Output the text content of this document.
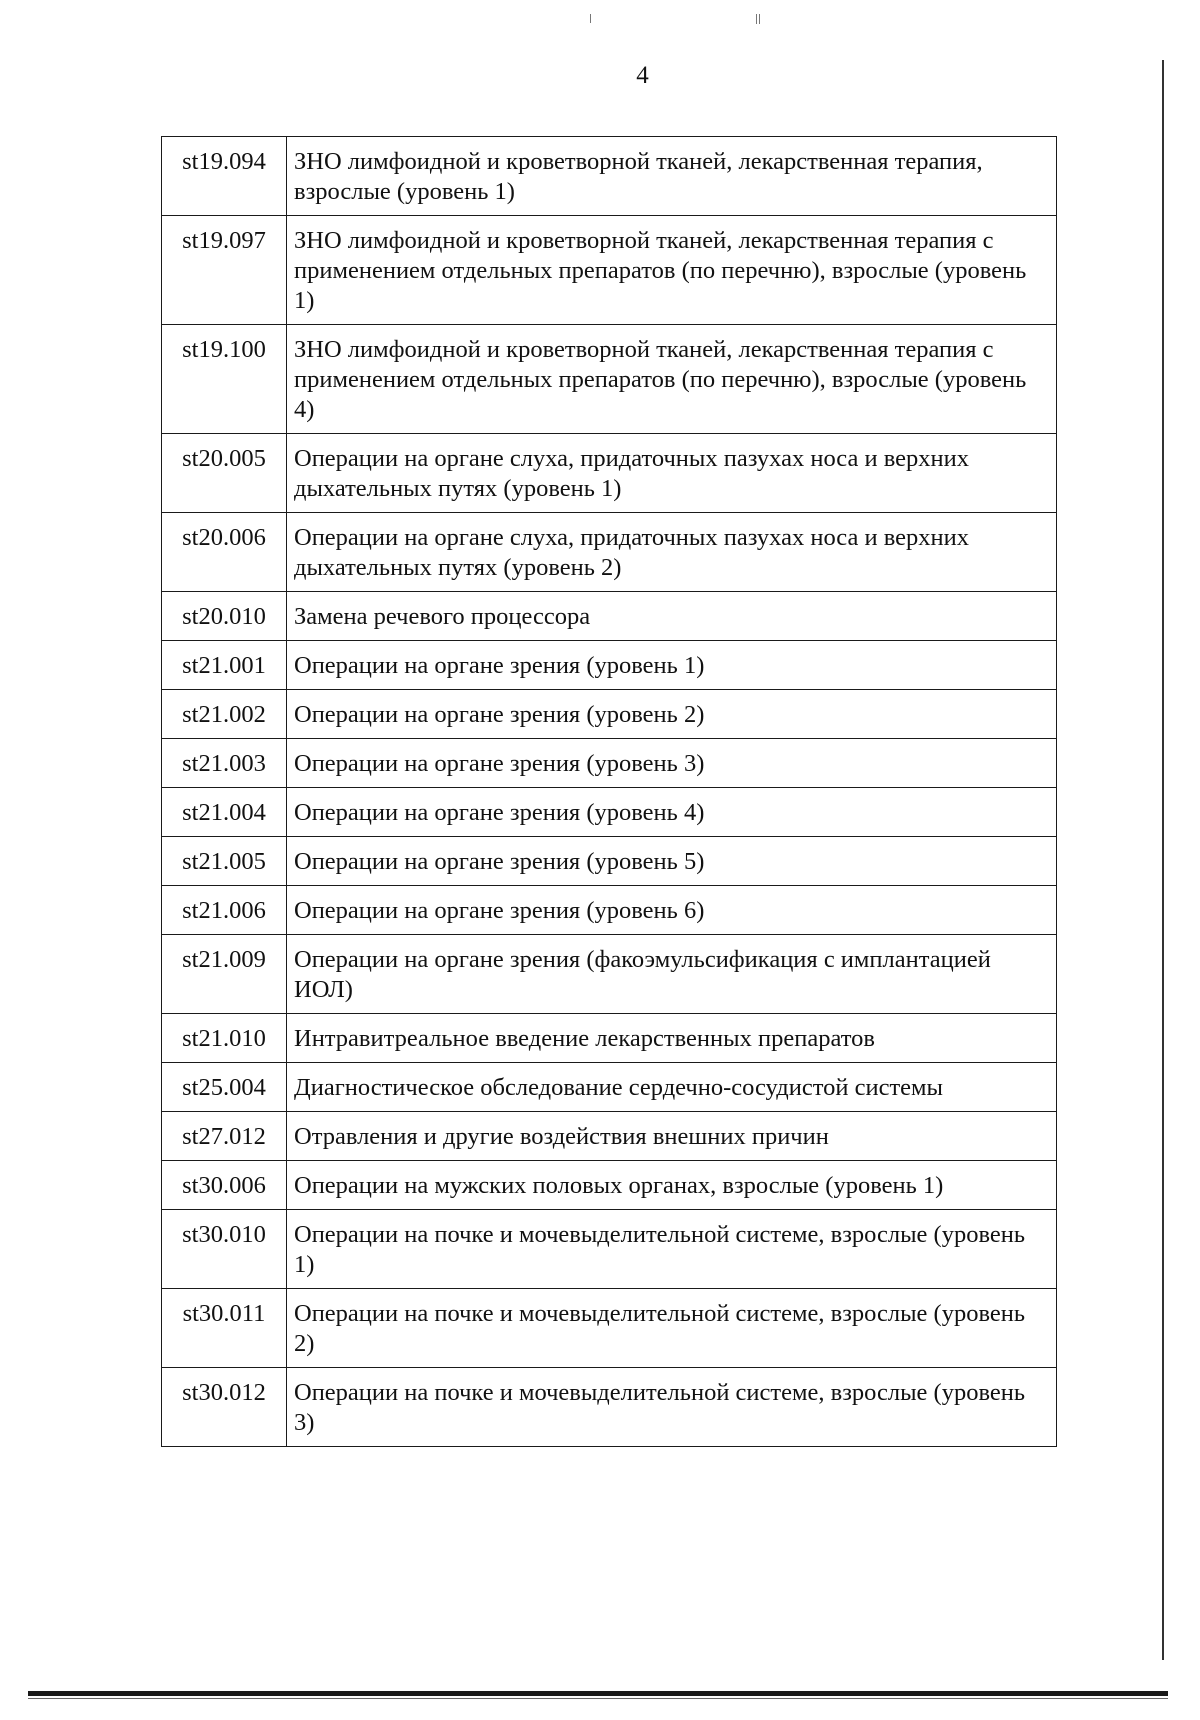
4
st19.094	ЗНО лимфоидной и кроветворной тканей, лекарственная терапия, взрослые (уровень 1)
st19.097	ЗНО лимфоидной и кроветворной тканей, лекарственная терапия с применением отдельных препаратов (по перечню), взрослые (уровень 1)
st19.100	ЗНО лимфоидной и кроветворной тканей, лекарственная терапия с применением отдельных препаратов (по перечню), взрослые (уровень 4)
st20.005	Операции на органе слуха, придаточных пазухах носа и верхних дыхательных путях (уровень 1)
st20.006	Операции на органе слуха, придаточных пазухах носа и верхних дыхательных путях (уровень 2)
st20.010	Замена речевого процессора
st21.001	Операции на органе зрения (уровень 1)
st21.002	Операции на органе зрения (уровень 2)
st21.003	Операции на органе зрения (уровень 3)
st21.004	Операции на органе зрения (уровень 4)
st21.005	Операции на органе зрения (уровень 5)
st21.006	Операции на органе зрения (уровень 6)
st21.009	Операции на органе зрения (факоэмульсификация с имплантацией ИОЛ)
st21.010	Интравитреальное введение лекарственных препаратов
st25.004	Диагностическое обследование сердечно-сосудистой системы
st27.012	Отравления и другие воздействия внешних причин
st30.006	Операции на мужских половых органах, взрослые (уровень 1)
st30.010	Операции на почке и мочевыделительной системе, взрослые (уровень 1)
st30.011	Операции на почке и мочевыделительной системе, взрослые (уровень 2)
st30.012	Операции на почке и мочевыделительной системе, взрослые (уровень 3)
